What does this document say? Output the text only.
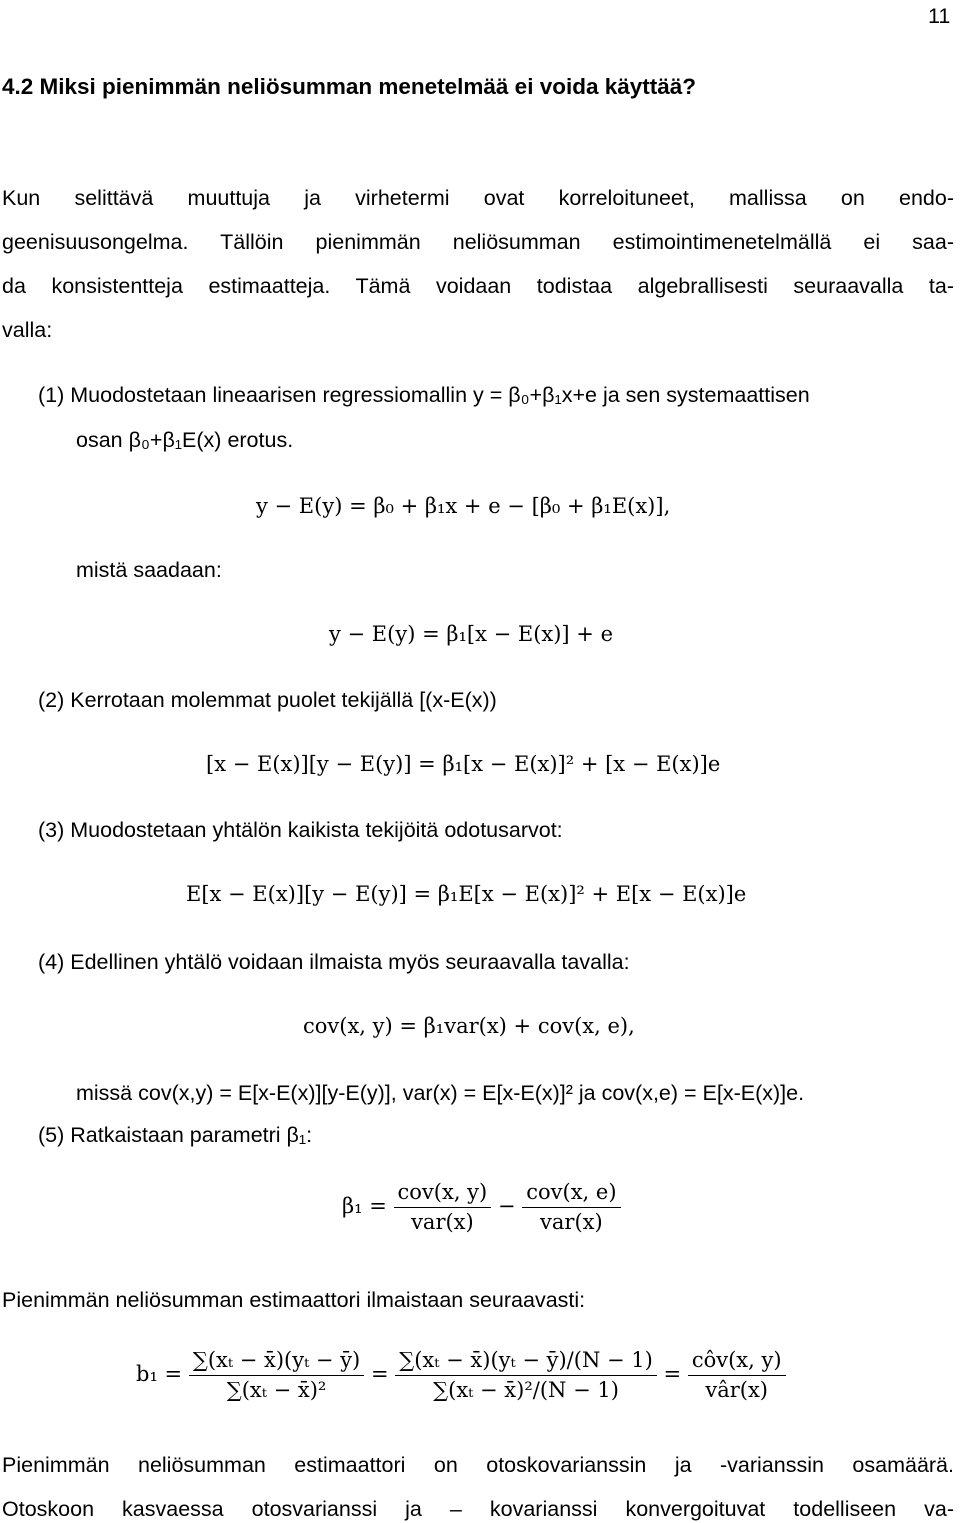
11
4.2 Miksi pienimmän neliösumman menetelmää ei voida käyttää?
Kun selittävä muuttuja ja virhetermi ovat korreloituneet, mallissa on endo-
geenisuusongelma. Tällöin pienimmän neliösumman estimointimenetelmällä ei saa-
da konsistentteja estimaatteja. Tämä voidaan todistaa algebrallisesti seuraavalla ta-
valla:
(1) Muodostetaan lineaarisen regressiomallin y = β₀+β₁x+e ja sen systemaattisen
osan β₀+β₁E(x) erotus.
y − E(y) = β₀ + β₁x + e − [β₀ + β₁E(x)],
mistä saadaan:
y − E(y) = β₁[x − E(x)] + e
(2) Kerrotaan molemmat puolet tekijällä [(x-E(x))
[x − E(x)][y − E(y)] = β₁[x − E(x)]² + [x − E(x)]e
(3) Muodostetaan yhtälön kaikista tekijöitä odotusarvot:
E[x − E(x)][y − E(y)] = β₁E[x − E(x)]² + E[x − E(x)]e
(4) Edellinen yhtälö voidaan ilmaista myös seuraavalla tavalla:
cov(x, y) = β₁var(x) + cov(x, e),
missä cov(x,y) = E[x-E(x)][y-E(y)], var(x) = E[x-E(x)]² ja cov(x,e) = E[x-E(x)]e.
(5) Ratkaistaan parametri β₁:
$\beta_1 = \frac{\text{cov(x, y)}}{\text{var(x)}} - \frac{\text{cov(x, e)}}{\text{var(x)}}$
Pienimmän neliösumman estimaattori ilmaistaan seuraavasti:
$b_1 = \frac{\text{∑(xₜ − x̄)(yₜ − ȳ)}}{\text{∑(xₜ − x̄)²}} = \frac{\text{∑(xₜ − x̄)(yₜ − ȳ)/(N − 1)}}{\text{∑(xₜ − x̄)²/(N − 1)}} = \frac{\text{côv(x, y)}}{\text{vâr(x)}}$
Pienimmän neliösumman estimaattori on otoskovarianssin ja -varianssin osamäärä.
Otoskoon kasvaessa otosvarianssi ja – kovarianssi konvergoituvat todelliseen va-
